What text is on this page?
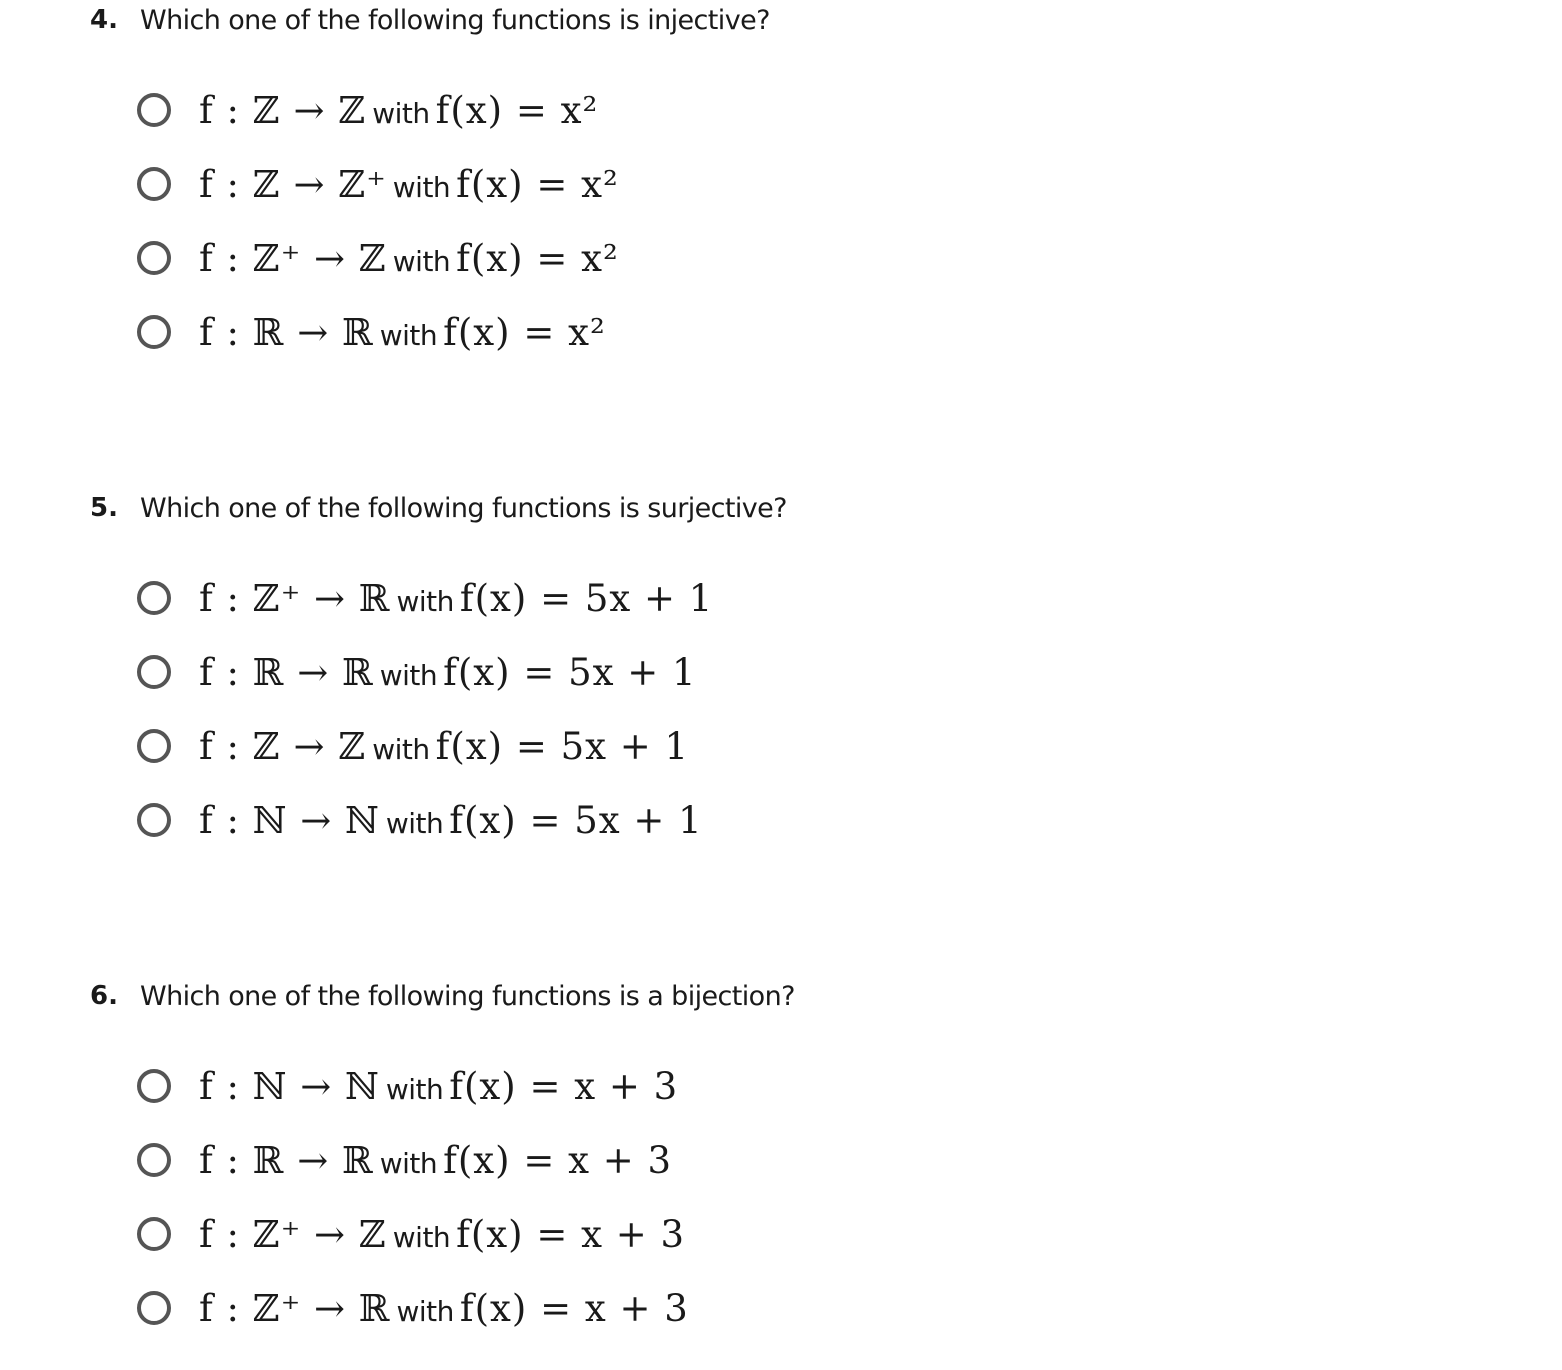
4. Which one of the following functions is injective?
f : ℤ → ℤ with f(x) = x²
f : ℤ → ℤ⁺ with f(x) = x²
f : ℤ⁺ → ℤ with f(x) = x²
f : ℝ → ℝ with f(x) = x²
5. Which one of the following functions is surjective?
f : ℤ⁺ → ℝ with f(x) = 5x + 1
f : ℝ → ℝ with f(x) = 5x + 1
f : ℤ → ℤ with f(x) = 5x + 1
f : ℕ → ℕ with f(x) = 5x + 1
6. Which one of the following functions is a bijection?
f : ℕ → ℕ with f(x) = x + 3
f : ℝ → ℝ with f(x) = x + 3
f : ℤ⁺ → ℤ with f(x) = x + 3
f : ℤ⁺ → ℝ with f(x) = x + 3
